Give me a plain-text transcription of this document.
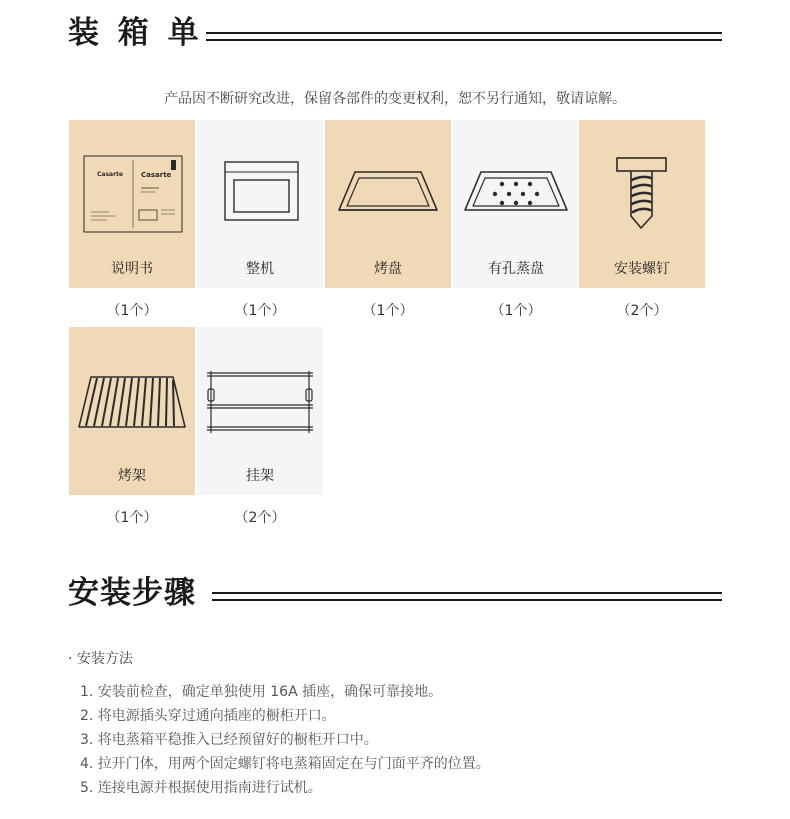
装 箱 单
产品因不断研究改进，保留各部件的变更权利，恕不另行通知，敬请谅解。
Casarte	Casarte
说明书	整机	烤盘	有孔蒸盘	安装螺钉
（1个）	（1个）	（1个）	（1个）	（2个）
烤架	挂架
（1个）	（2个）
安装步骤
· 安装方法
1. 安装前检查，确定单独使用 16A 插座，确保可靠接地。
2. 将电源插头穿过通向插座的橱柜开口。
3. 将电蒸箱平稳推入已经预留好的橱柜开口中。
4. 拉开门体，用两个固定螺钉将电蒸箱固定在与门面平齐的位置。
5. 连接电源并根据使用指南进行试机。
